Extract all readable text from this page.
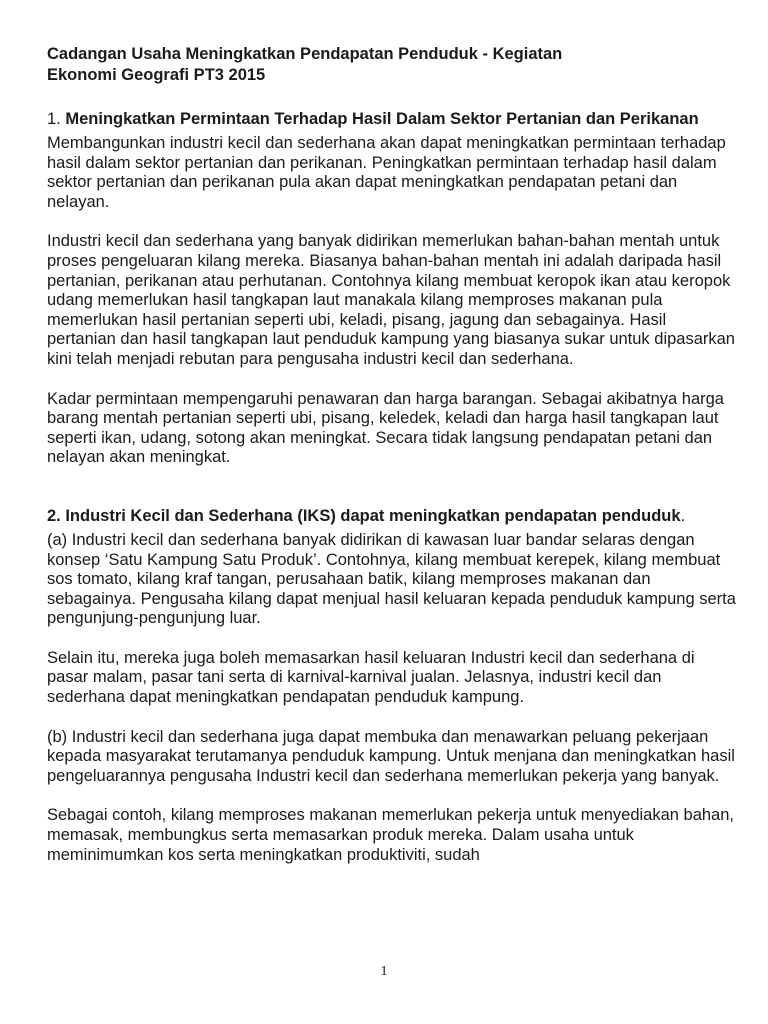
Cadangan Usaha Meningkatkan Pendapatan Penduduk - Kegiatan
Ekonomi Geografi PT3 2015

1. Meningkatkan Permintaan Terhadap Hasil Dalam Sektor Pertanian dan Perikanan

Membangunkan industri kecil dan sederhana akan dapat meningkatkan permintaan terhadap hasil dalam sektor pertanian dan perikanan. Peningkatkan permintaan terhadap hasil dalam sektor pertanian dan perikanan pula akan dapat meningkatkan pendapatan petani dan nelayan.

Industri kecil dan sederhana yang banyak didirikan memerlukan bahan-bahan mentah untuk proses pengeluaran kilang mereka. Biasanya bahan-bahan mentah ini adalah daripada hasil pertanian, perikanan atau perhutanan. Contohnya kilang membuat keropok ikan atau keropok udang memerlukan hasil tangkapan laut manakala kilang memproses makanan pula memerlukan hasil pertanian seperti ubi, keladi, pisang, jagung dan sebagainya. Hasil pertanian dan hasil tangkapan laut penduduk kampung yang biasanya sukar untuk dipasarkan kini telah menjadi rebutan para pengusaha industri kecil dan sederhana.

Kadar permintaan mempengaruhi penawaran dan harga barangan. Sebagai akibatnya harga barang mentah pertanian seperti ubi, pisang, keledek, keladi dan harga hasil tangkapan laut seperti ikan, udang, sotong akan meningkat. Secara tidak langsung pendapatan petani dan nelayan akan meningkat.

2. Industri Kecil dan Sederhana (IKS) dapat meningkatkan pendapatan penduduk.

(a) Industri kecil dan sederhana banyak didirikan di kawasan luar bandar selaras dengan konsep ‘Satu Kampung Satu Produk’. Contohnya, kilang membuat kerepek, kilang membuat sos tomato, kilang kraf tangan, perusahaan batik, kilang memproses makanan dan sebagainya. Pengusaha kilang dapat menjual hasil keluaran kepada penduduk kampung serta pengunjung-pengunjung luar.

Selain itu, mereka juga boleh memasarkan hasil keluaran Industri kecil dan sederhana di pasar malam, pasar tani serta di karnival-karnival jualan. Jelasnya, industri kecil dan sederhana dapat meningkatkan pendapatan penduduk kampung.

(b) Industri kecil dan sederhana juga dapat membuka dan menawarkan peluang pekerjaan kepada masyarakat terutamanya penduduk kampung. Untuk menjana dan meningkatkan hasil pengeluarannya pengusaha Industri kecil dan sederhana memerlukan pekerja yang banyak.

Sebagai contoh, kilang memproses makanan memerlukan pekerja untuk menyediakan bahan, memasak, membungkus serta memasarkan produk mereka. Dalam usaha untuk meminimumkan kos serta meningkatkan produktiviti, sudah

1
